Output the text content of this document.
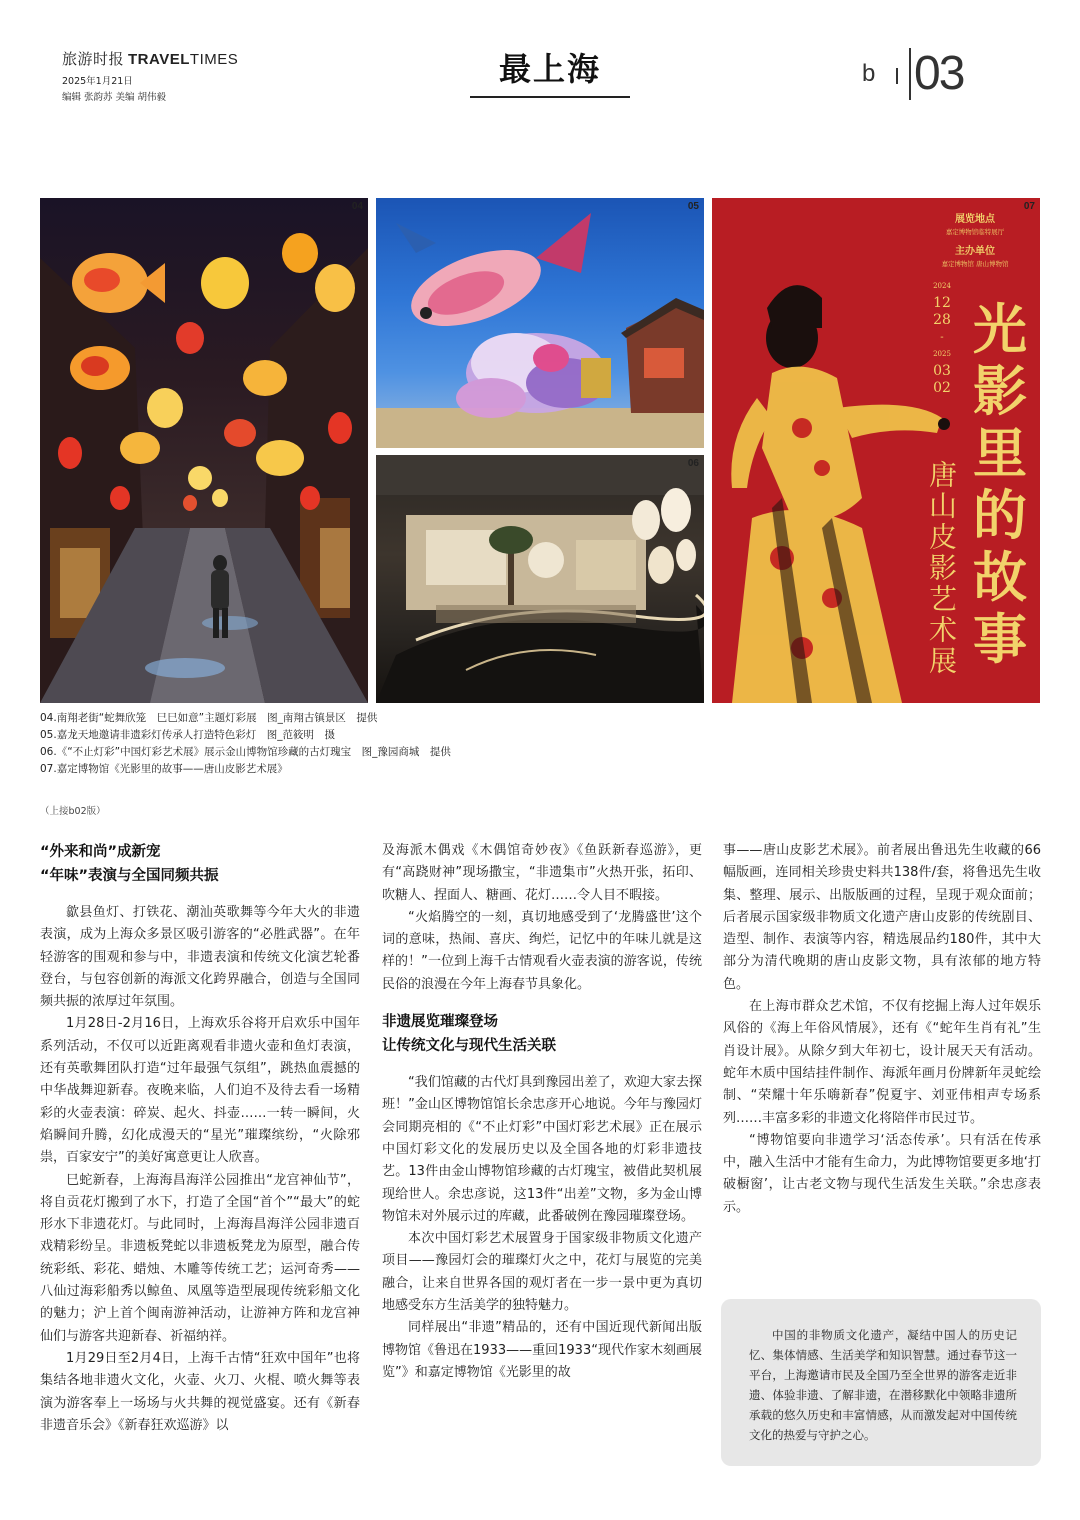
旅游时报 TRAVELTIMES
2025年1月21日
编辑 张韵苏 美编 胡伟毅
最上海	b 03
04	05
06
07
展览地点
嘉定博物馆临特展厅
主办单位
嘉定博物馆 唐山博物馆
2024
12
28
-
2025
03
02
光
影
里
的
故
事
唐山皮影艺术展

04.南翔老街“蛇舞欣笼　巳巳如意”主题灯彩展　图_南翔古镇景区　提供

05.嘉龙天地邀请非遗彩灯传承人打造特色彩灯　图_范筱明　摄

06.《“不止灯彩”中国灯彩艺术展》展示金山博物馆珍藏的古灯瑰宝　图_豫园商城　提供

07.嘉定博物馆《光影里的故事——唐山皮影艺术展》

（上接b02版）
“外来和尚”成新宠
“年味”表演与全国同频共振
歙县鱼灯、打铁花、潮汕英歌舞等今年大火的非遗表演，成为上海众多景区吸引游客的“必胜武器”。在年轻游客的围观和参与中，非遗表演和传统文化演艺轮番登台，与包容创新的海派文化跨界融合，创造与全国同频共振的浓厚过年氛围。
1月28日-2月16日，上海欢乐谷将开启欢乐中国年系列活动，不仅可以近距离观看非遗火壶和鱼灯表演，还有英歌舞团队打造“过年最强气氛组”，跳热血震撼的中华战舞迎新春。夜晚来临，人们迫不及待去看一场精彩的火壶表演：碎炭、起火、抖壶……一转一瞬间，火焰瞬间升腾，幻化成漫天的“星光”璀璨缤纷，“火除邪祟，百家安宁”的美好寓意更让人欣喜。
巳蛇新春，上海海昌海洋公园推出“龙宫神仙节”，将自贡花灯搬到了水下，打造了全国“首个”“最大”的蛇形水下非遗花灯。与此同时，上海海昌海洋公园非遗百戏精彩纷呈。非遗板凳蛇以非遗板凳龙为原型，融合传统彩纸、彩花、蜡烛、木雕等传统工艺；运河奇秀——八仙过海彩船秀以鲸鱼、凤凰等造型展现传统彩船文化的魅力；沪上首个闽南游神活动，让游神方阵和龙宫神仙们与游客共迎新春、祈福纳祥。
1月29日至2月4日，上海千古情“狂欢中国年”也将集结各地非遗火文化，火壶、火刀、火棍、喷火舞等表演为游客奉上一场场与火共舞的视觉盛宴。还有《新春非遗音乐会》《新春狂欢巡游》以
及海派木偶戏《木偶馆奇妙夜》《鱼跃新春巡游》，更有“高跷财神”现场撒宝，“非遗集市”火热开张，拓印、吹糖人、捏面人、糖画、花灯……令人目不暇接。
“火焰腾空的一刻，真切地感受到了‘龙腾盛世’这个词的意味，热闹、喜庆、绚烂，记忆中的年味儿就是这样的！”一位到上海千古情观看火壶表演的游客说，传统民俗的浪漫在今年上海春节具象化。
非遗展览璀璨登场
让传统文化与现代生活关联
“我们馆藏的古代灯具到豫园出差了，欢迎大家去探班！”金山区博物馆馆长余忠彦开心地说。今年与豫园灯会同期亮相的《“不止灯彩”中国灯彩艺术展》正在展示中国灯彩文化的发展历史以及全国各地的灯彩非遗技艺。13件由金山博物馆珍藏的古灯瑰宝，被借此契机展现给世人。余忠彦说，这13件“出差”文物，多为金山博物馆未对外展示过的库藏，此番破例在豫园璀璨登场。
本次中国灯彩艺术展置身于国家级非物质文化遗产项目——豫园灯会的璀璨灯火之中，花灯与展览的完美融合，让来自世界各国的观灯者在一步一景中更为真切地感受东方生活美学的独特魅力。
同样展出“非遗”精品的，还有中国近现代新闻出版博物馆《鲁迅在1933——重回1933“现代作家木刻画展览”》和嘉定博物馆《光影里的故
事——唐山皮影艺术展》。前者展出鲁迅先生收藏的66幅版画，连同相关珍贵史料共138件/套，将鲁迅先生收集、整理、展示、出版版画的过程，呈现于观众面前；后者展示国家级非物质文化遗产唐山皮影的传统剧目、造型、制作、表演等内容，精选展品约180件，其中大部分为清代晚期的唐山皮影文物，具有浓郁的地方特色。
在上海市群众艺术馆，不仅有挖掘上海人过年娱乐风俗的《海上年俗风情展》，还有《“蛇年生肖有礼”生肖设计展》。从除夕到大年初七，设计展天天有活动。蛇年木质中国结挂件制作、海派年画月份牌新年灵蛇绘制、“荣耀十年乐嗨新春”倪夏宇、刘亚伟相声专场系列……丰富多彩的非遗文化将陪伴市民过节。
“博物馆要向非遗学习‘活态传承’。只有活在传承中，融入生活中才能有生命力，为此博物馆要更多地‘打破橱窗’，让古老文物与现代生活发生关联。”余忠彦表示。

中国的非物质文化遗产，凝结中国人的历史记忆、集体情感、生活美学和知识智慧。通过春节这一平台，上海邀请市民及全国乃至全世界的游客走近非遗、体验非遗、了解非遗，在潜移默化中领略非遗所承载的悠久历史和丰富情感，从而激发起对中国传统文化的热爱与守护之心。
